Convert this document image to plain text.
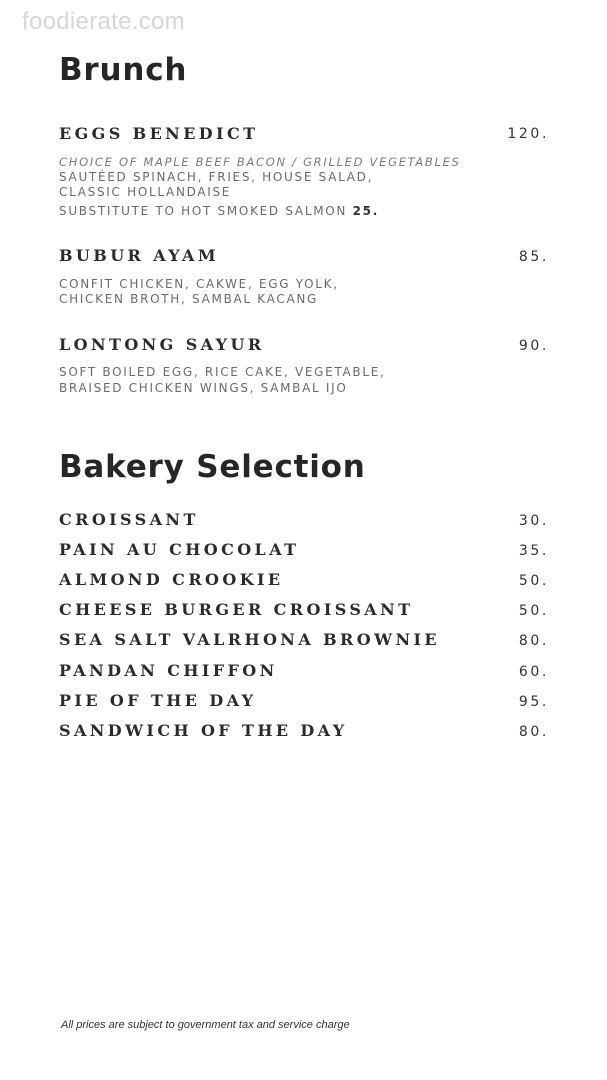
foodierate.com
Brunch
EGGS BENEDICT	120.
CHOICE OF MAPLE BEEF BACON / GRILLED VEGETABLES
SAUTÉED SPINACH, FRIES, HOUSE SALAD,
CLASSIC HOLLANDAISE
SUBSTITUTE TO HOT SMOKED SALMON 25.
BUBUR AYAM	85.
CONFIT CHICKEN, CAKWE, EGG YOLK,
CHICKEN BROTH, SAMBAL KACANG
LONTONG SAYUR	90.
SOFT BOILED EGG, RICE CAKE, VEGETABLE,
BRAISED CHICKEN WINGS, SAMBAL IJO
Bakery Selection
CROISSANT	30.
PAIN AU CHOCOLAT	35.
ALMOND CROOKIE	50.
CHEESE BURGER CROISSANT	50.
SEA SALT VALRHONA BROWNIE	80.
PANDAN CHIFFON	60.
PIE OF THE DAY	95.
SANDWICH OF THE DAY	80.
All prices are subject to government tax and service charge
